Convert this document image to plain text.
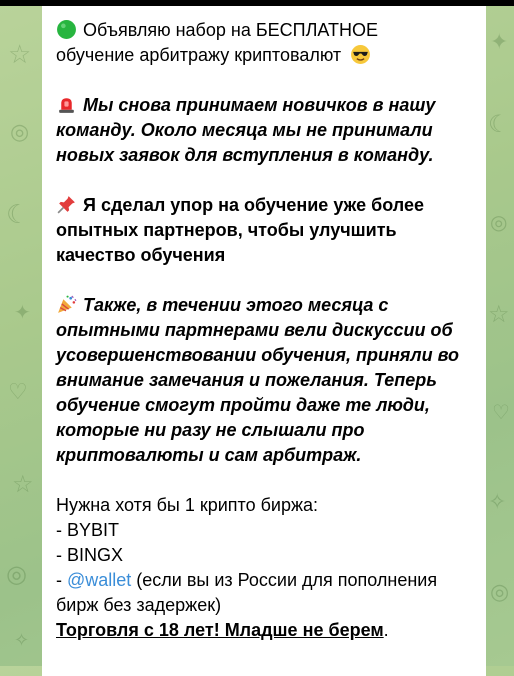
☆
◎
☾
✦
♡
☆
◎
✧
✦
☾
◎
☆
♡
✧
◎

Объявляю набор на БЕСПЛАТНОЕ
обучение арбитражу криптовалют

Мы снова принимаем новичков в нашу
команду. Около месяца мы не принимали
новых заявок для вступления в команду.

Я сделал упор на обучение уже более
опытных партнеров, чтобы улучшить
качество обучения

Также, в течении этого месяца с
опытными партнерами вели дискуссии об
усовершенствовании обучения, приняли во
внимание замечания и пожелания. Теперь
обучение смогут пройти даже те люди,
которые ни разу не слышали про
криптовалюты и сам арбитраж.

Нужна хотя бы 1 крипто биржа:
- BYBIT
- BINGX
- @wallet (если вы из России для пополнения
бирж без задержек)

Торговля с 18 лет! Младше не берем.
